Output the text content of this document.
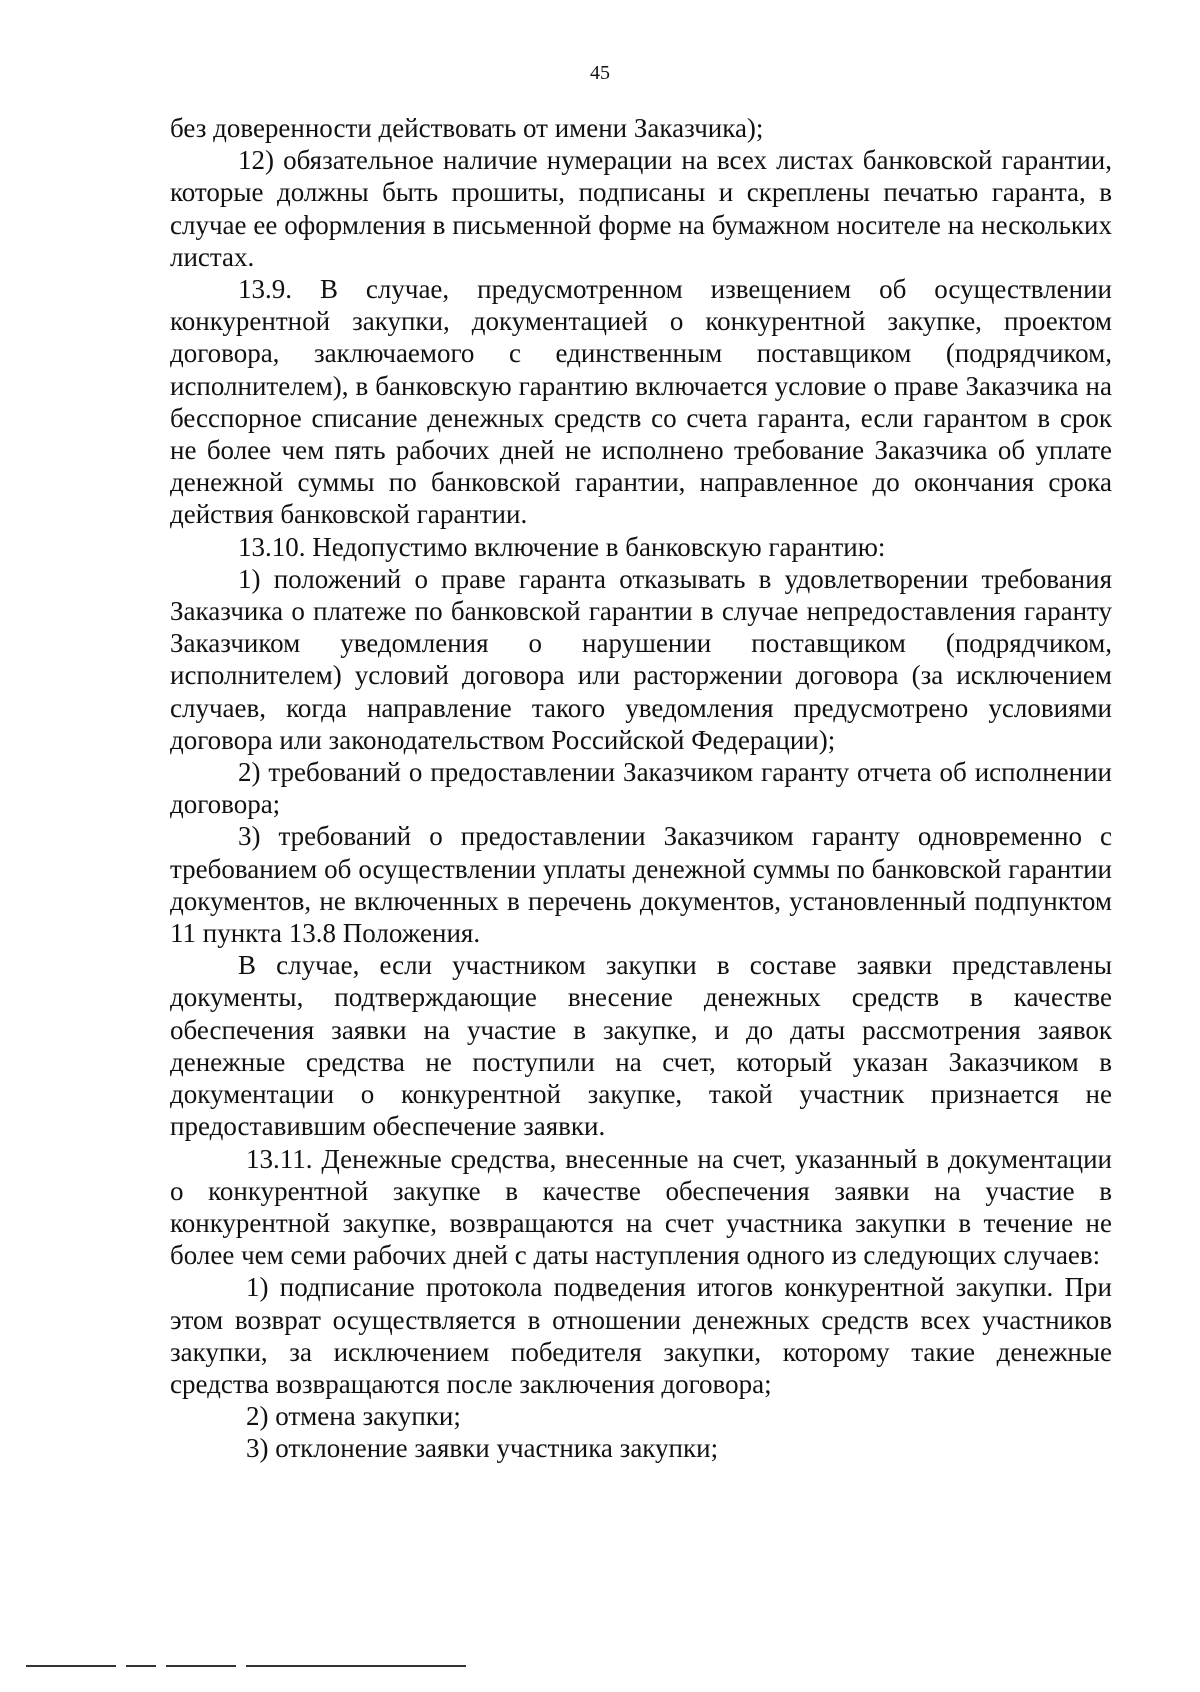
45

без доверенности действовать от имени Заказчика);

12) обязательное наличие нумерации на всех листах банковской гарантии, которые должны быть прошиты, подписаны и скреплены печатью гаранта, в случае ее оформления в письменной форме на бумажном носителе на нескольких листах.

13.9. В случае, предусмотренном извещением об осуществлении конкурентной закупки, документацией о конкурентной закупке, проектом договора, заключаемого с единственным поставщиком (подрядчиком, исполнителем), в банковскую гарантию включается условие о праве Заказчика на бесспорное списание денежных средств со счета гаранта, если гарантом в срок не более чем пять рабочих дней не исполнено требование Заказчика об уплате денежной суммы по банковской гарантии, направленное до окончания срока действия банковской гарантии.

13.10. Недопустимо включение в банковскую гарантию:

1) положений о праве гаранта отказывать в удовлетворении требования Заказчика о платеже по банковской гарантии в случае непредоставления гаранту Заказчиком уведомления о нарушении поставщиком (подрядчиком, исполнителем) условий договора или расторжении договора (за исключением случаев, когда направление такого уведомления предусмотрено условиями договора или законодательством Российской Федерации);

2) требований о предоставлении Заказчиком гаранту отчета об исполнении договора;

3) требований о предоставлении Заказчиком гаранту одновременно с требованием об осуществлении уплаты денежной суммы по банковской гарантии документов, не включенных в перечень документов, установленный подпунктом 11 пункта 13.8 Положения.

В случае, если участником закупки в составе заявки представлены документы, подтверждающие внесение денежных средств в качестве обеспечения заявки на участие в закупке, и до даты рассмотрения заявок денежные средства не поступили на счет, который указан Заказчиком в документации о конкурентной закупке, такой участник признается не предоставившим обеспечение заявки.

13.11. Денежные средства, внесенные на счет, указанный в документации о конкурентной закупке в качестве обеспечения заявки на участие в конкурентной закупке, возвращаются на счет участника закупки в течение не более чем семи рабочих дней с даты наступления одного из следующих случаев:

1) подписание протокола подведения итогов конкурентной закупки. При этом возврат осуществляется в отношении денежных средств всех участников закупки, за исключением победителя закупки, которому такие денежные средства возвращаются после заключения договора;

2) отмена закупки;

3) отклонение заявки участника закупки;
